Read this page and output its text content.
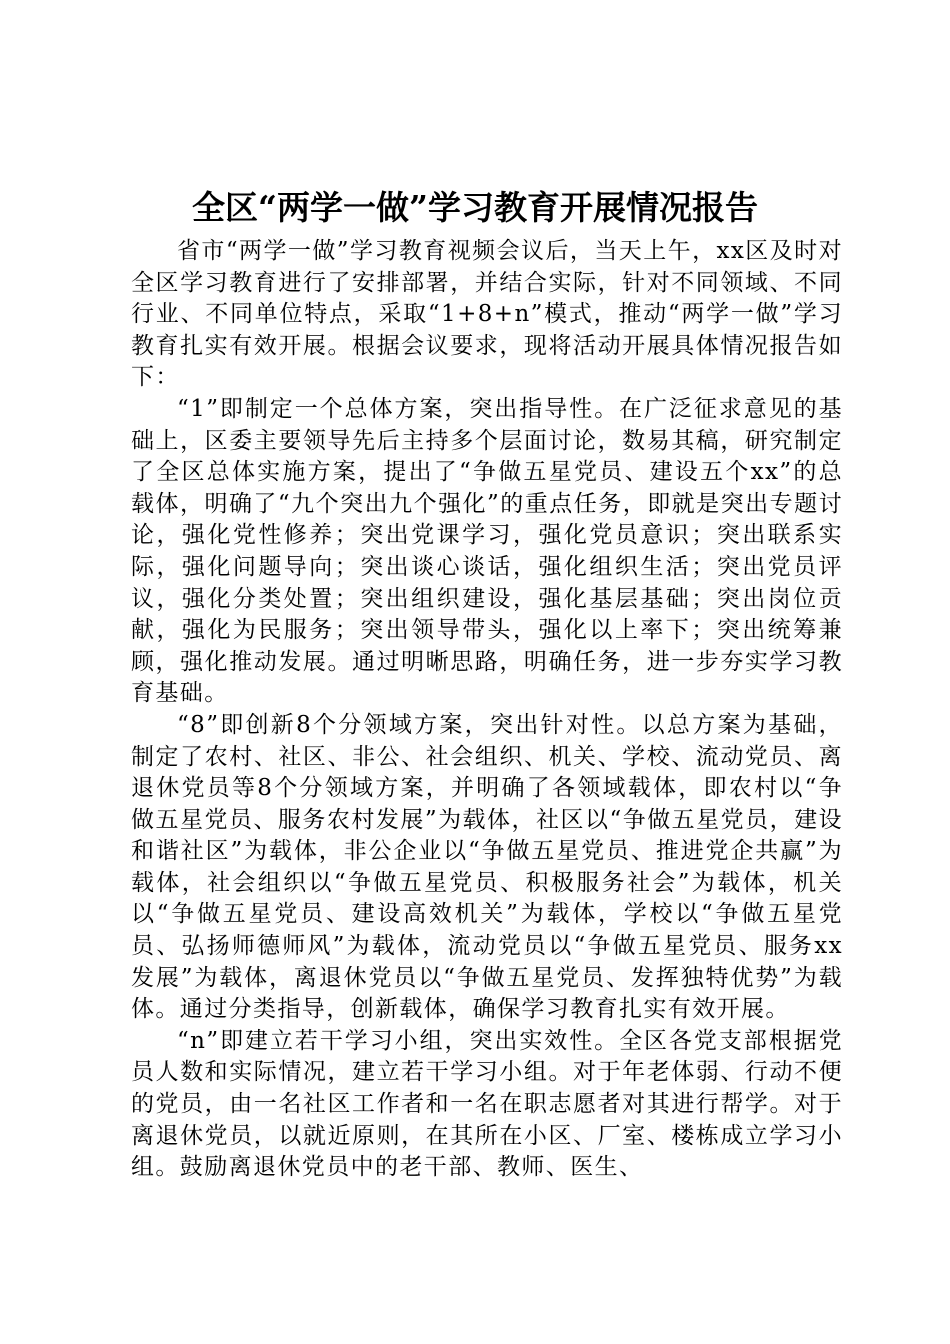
全区“两学一做”学习教育开展情况报告

省市“两学一做”学习教育视频会议后，当天上午，xx区及时对全区学习教育进行了安排部署，并结合实际，针对不同领域、不同行业、不同单位特点，采取“1+8+n”模式，推动“两学一做”学习教育扎实有效开展。根据会议要求，现将活动开展具体情况报告如下：

“1”即制定一个总体方案，突出指导性。在广泛征求意见的基础上，区委主要领导先后主持多个层面讨论，数易其稿，研究制定了全区总体实施方案，提出了“争做五星党员、建设五个xx”的总载体，明确了“九个突出九个强化”的重点任务，即就是突出专题讨论，强化党性修养；突出党课学习，强化党员意识；突出联系实际，强化问题导向；突出谈心谈话，强化组织生活；突出党员评议，强化分类处置；突出组织建设，强化基层基础；突出岗位贡献，强化为民服务；突出领导带头，强化以上率下；突出统筹兼顾，强化推动发展。通过明晰思路，明确任务，进一步夯实学习教育基础。

“8”即创新8个分领域方案，突出针对性。以总方案为基础，制定了农村、社区、非公、社会组织、机关、学校、流动党员、离退休党员等8个分领域方案，并明确了各领域载体，即农村以“争做五星党员、服务农村发展”为载体，社区以“争做五星党员，建设和谐社区”为载体，非公企业以“争做五星党员、推进党企共赢”为载体，社会组织以“争做五星党员、积极服务社会”为载体，机关以“争做五星党员、建设高效机关”为载体，学校以“争做五星党员、弘扬师德师风”为载体，流动党员以“争做五星党员、服务xx发展”为载体，离退休党员以“争做五星党员、发挥独特优势”为载体。通过分类指导，创新载体，确保学习教育扎实有效开展。

“n”即建立若干学习小组，突出实效性。全区各党支部根据党员人数和实际情况，建立若干学习小组。对于年老体弱、行动不便的党员，由一名社区工作者和一名在职志愿者对其进行帮学。对于离退休党员，以就近原则，在其所在小区、厂室、楼栋成立学习小组。鼓励离退休党员中的老干部、教师、医生、
